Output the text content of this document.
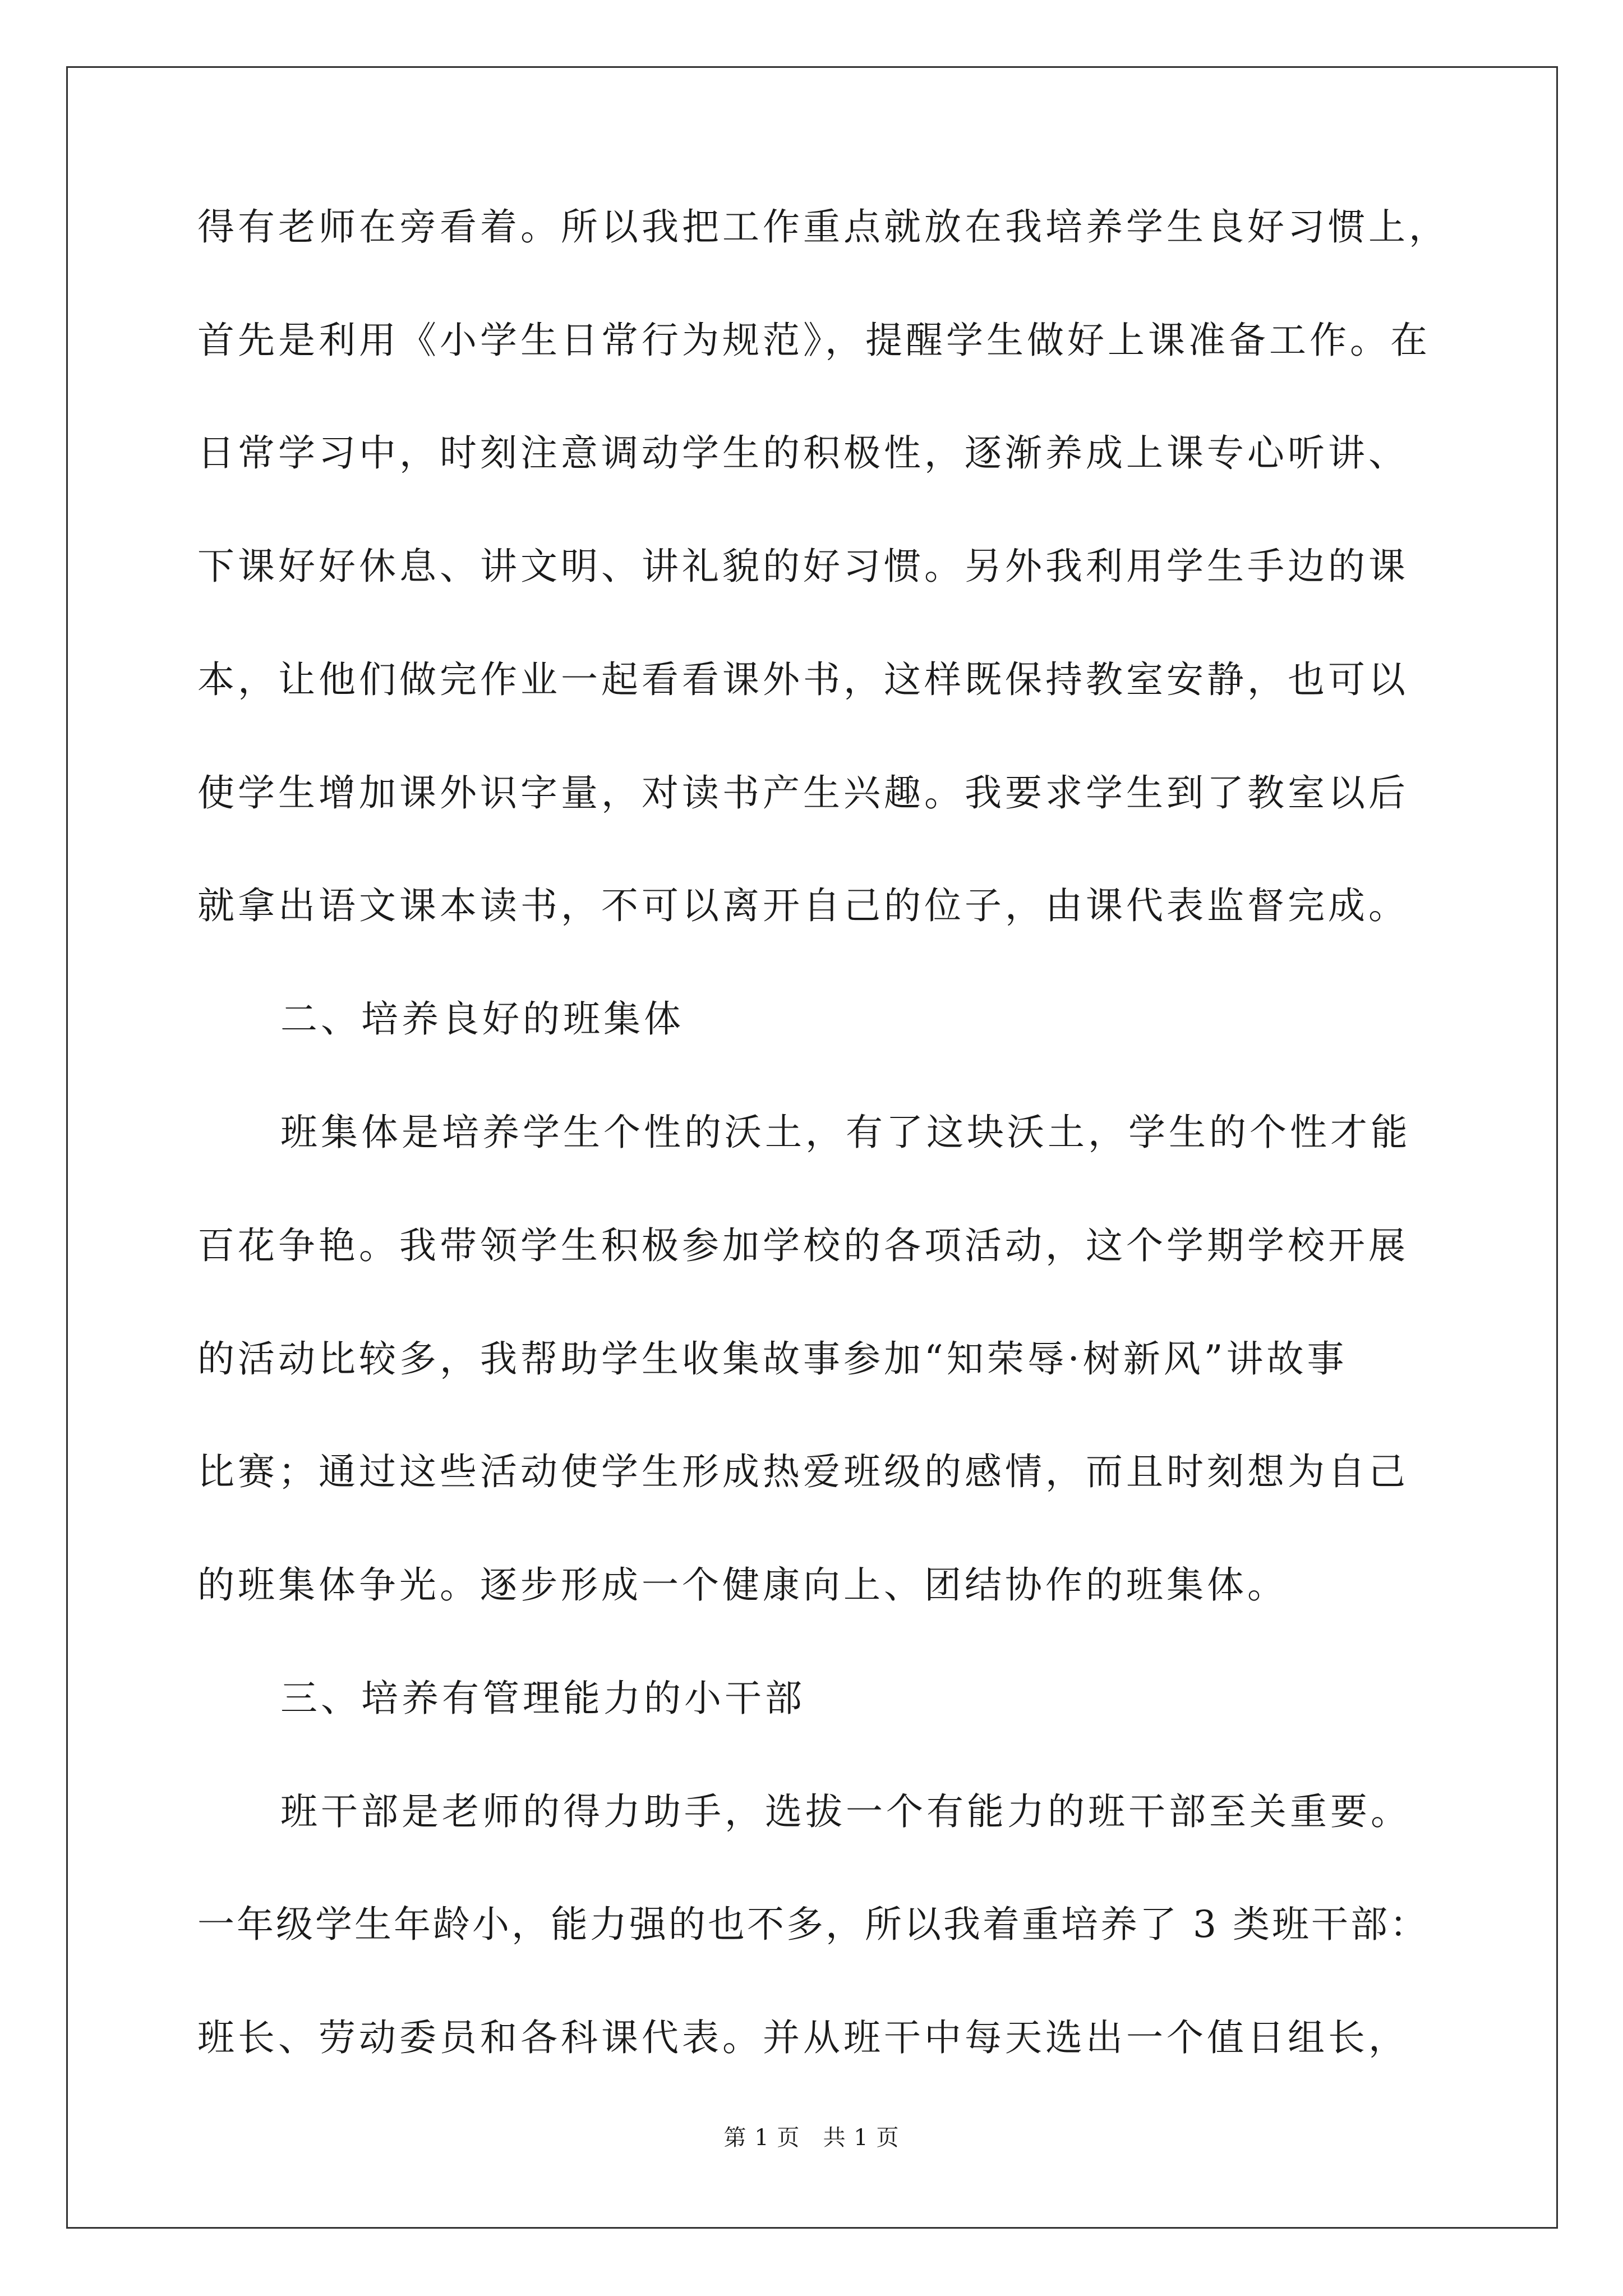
得有老师在旁看着。所以我把工作重点就放在我培养学生良好习惯上，
首先是利用《小学生日常行为规范》，提醒学生做好上课准备工作。在
日常学习中，时刻注意调动学生的积极性，逐渐养成上课专心听讲、
下课好好休息、讲文明、讲礼貌的好习惯。另外我利用学生手边的课
本，让他们做完作业一起看看课外书，这样既保持教室安静，也可以
使学生增加课外识字量，对读书产生兴趣。我要求学生到了教室以后
就拿出语文课本读书，不可以离开自己的位子，由课代表监督完成。
二、培养良好的班集体
班集体是培养学生个性的沃土，有了这块沃土，学生的个性才能
百花争艳。我带领学生积极参加学校的各项活动，这个学期学校开展
的活动比较多，我帮助学生收集故事参加“知荣辱·树新风”讲故事
比赛；通过这些活动使学生形成热爱班级的感情，而且时刻想为自己
的班集体争光。逐步形成一个健康向上、团结协作的班集体。
三、培养有管理能力的小干部
班干部是老师的得力助手，选拔一个有能力的班干部至关重要。
一年级学生年龄小，能力强的也不多，所以我着重培养了 3 类班干部：
班长、劳动委员和各科课代表。并从班干中每天选出一个值日组长，
第 1 页 共 1 页
